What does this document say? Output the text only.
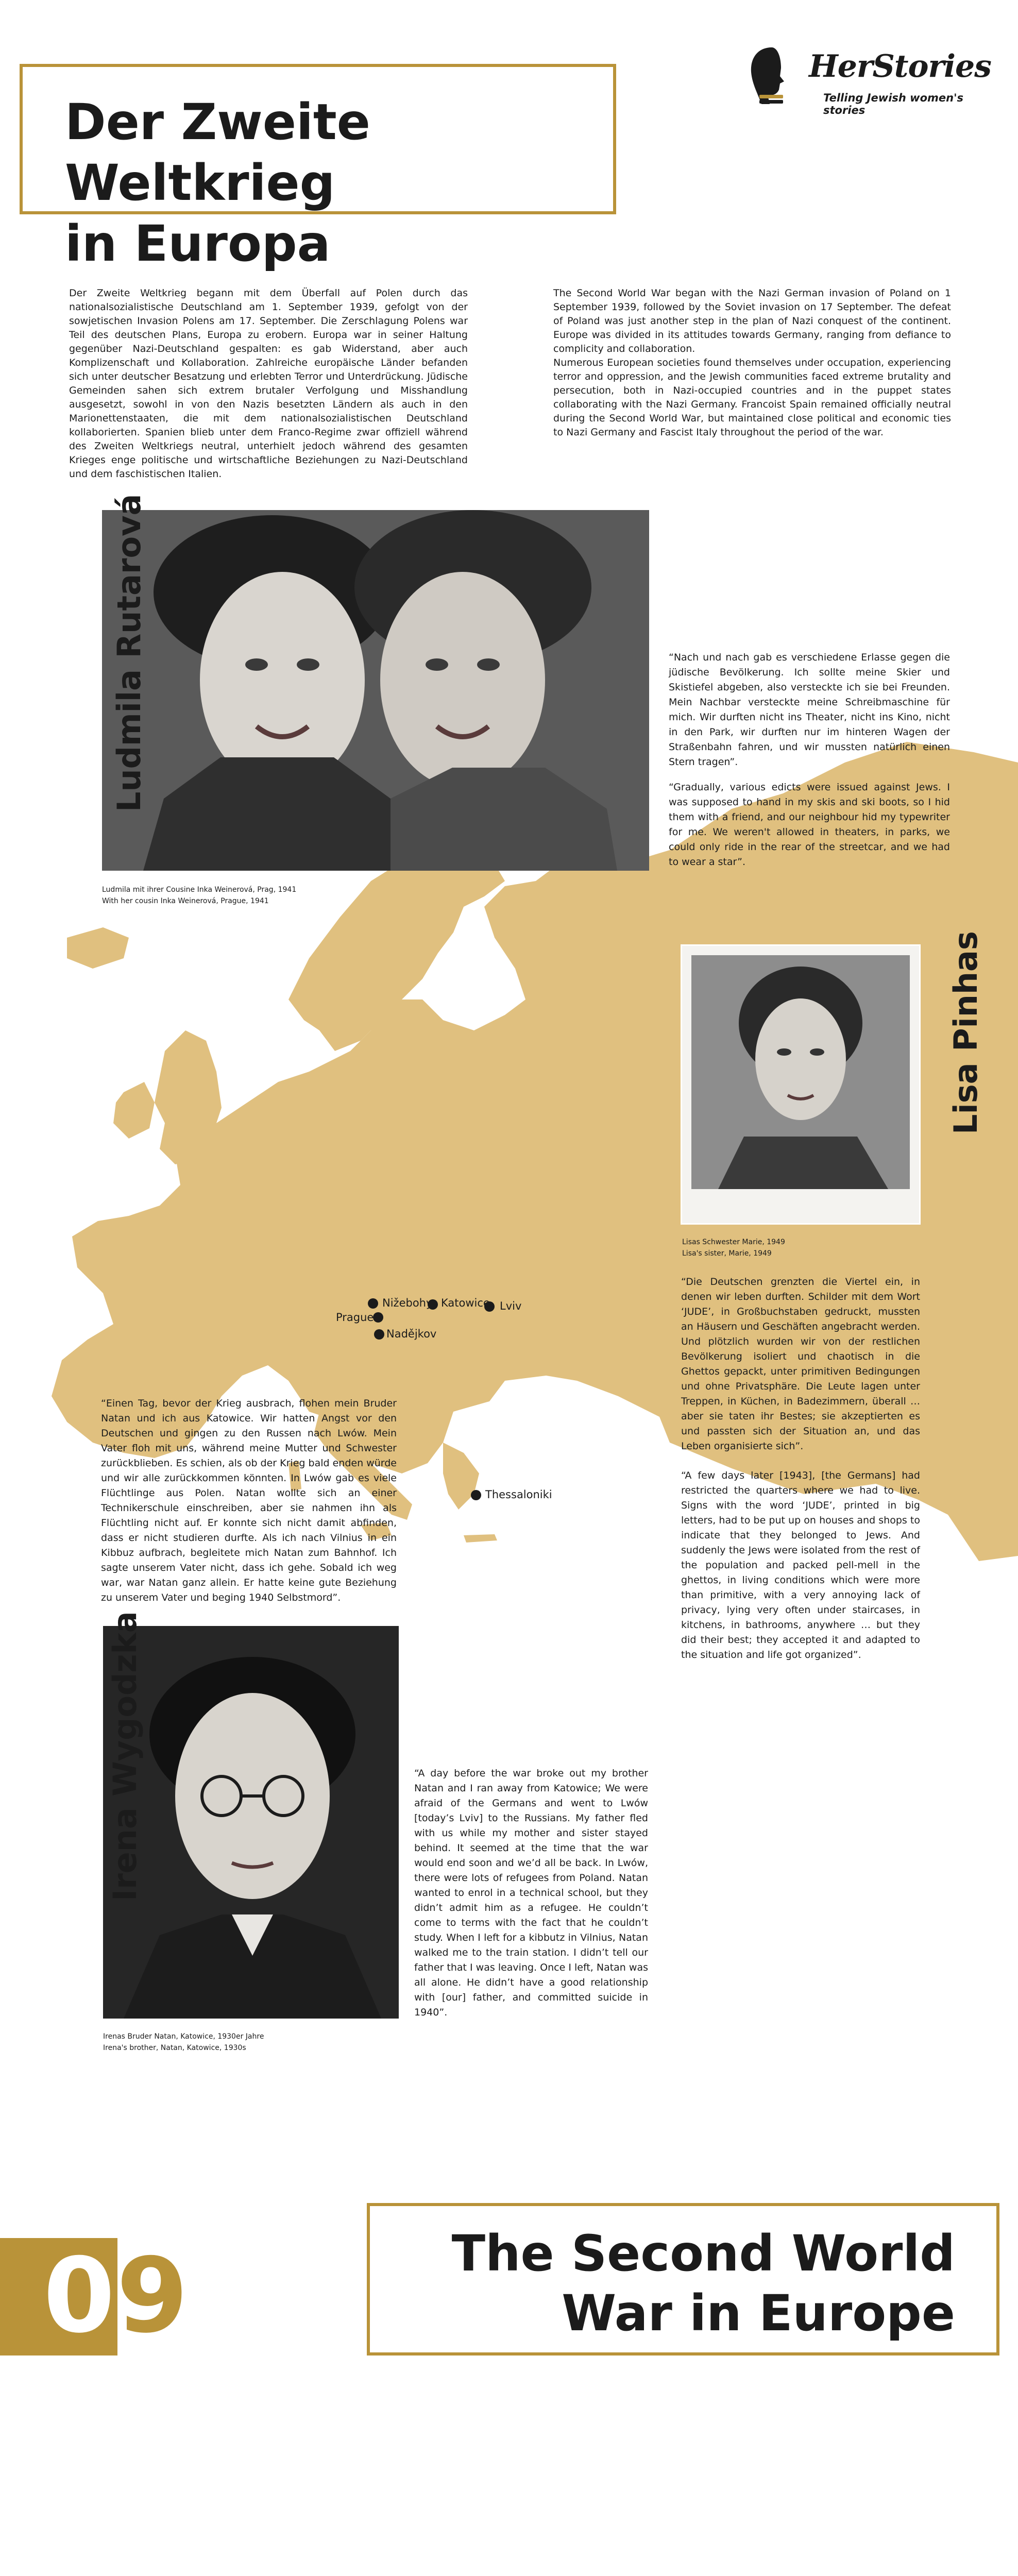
Der Zweite Weltkrieg
in Europa
HerStories
Telling Jewish women's stories
Der Zweite Weltkrieg begann mit dem Überfall auf Polen durch das nationalsozialistische Deutschland am 1. September 1939, gefolgt von der sowjetischen Invasion Polens am 17. September. Die Zerschlagung Polens war Teil des deutschen Plans, Europa zu erobern. Europa war in seiner Haltung gegenüber Nazi-Deutschland gespalten: es gab Widerstand, aber auch Komplizenschaft und Kollaboration. Zahlreiche europäische Länder befanden sich unter deutscher Besatzung und erlebten Terror und Unterdrückung. Jüdische Gemeinden sahen sich extrem brutaler Verfolgung und Misshandlung ausgesetzt, sowohl in von den Nazis besetzten Ländern als auch in den Marionettenstaaten, die mit dem nationalsozialistischen Deutschland kollaborierten. Spanien blieb unter dem Franco-Regime zwar offiziell während des Zweiten Weltkriegs neutral, unterhielt jedoch während des gesamten Krieges enge politische und wirtschaftliche Beziehungen zu Nazi-Deutschland und dem faschistischen Italien.
The Second World War began with the Nazi German invasion of Poland on 1 September 1939, followed by the Soviet invasion on 17 September. The defeat of Poland was just another step in the plan of Nazi conquest of the continent. Europe was divided in its attitudes towards Germany, ranging from defiance to complicity and collaboration.
Numerous European societies found themselves under occupation, experiencing terror and oppression, and the Jewish communities faced extreme brutality and persecution, both in Nazi-occupied countries and in the puppet states collaborating with the Nazi Germany. Francoist Spain remained officially neutral during the Second World War, but maintained close political and economic ties to Nazi Germany and Fascist Italy throughout the period of the war.
Prague
Nižebohy Katowice Lviv
Nadějkov
Thessaloniki
Ludmila Rutarová
Ludmila mit ihrer Cousine Inka Weinerová, Prag, 1941
With her cousin Inka Weinerová, Prague, 1941
“Nach und nach gab es verschiedene Erlasse gegen die jüdische Bevölkerung. Ich sollte meine Skier und Skistiefel abgeben, also versteckte ich sie bei Freunden. Mein Nachbar versteckte meine Schreibmaschine für mich. Wir durften nicht ins Theater, nicht ins Kino, nicht in den Park, wir durften nur im hinteren Wagen der Straßenbahn fahren, und wir mussten natürlich einen Stern tragen”.
“Gradually, various edicts were issued against Jews. I was supposed to hand in my skis and ski boots, so I hid them with a friend, and our neighbour hid my typewriter for me. We weren't allowed in theaters, in parks, we could only ride in the rear of the streetcar, and we had to wear a star”.
Lisa Pinhas
Lisas Schwester Marie, 1949
Lisa's sister, Marie, 1949
“Die Deutschen grenzten die Viertel ein, in denen wir leben durften. Schilder mit dem Wort ‘JUDE’, in Großbuchstaben gedruckt, mussten an Häusern und Geschäften angebracht werden. Und plötzlich wurden wir von der restlichen Bevölkerung isoliert und chaotisch in die Ghettos gepackt, unter primitiven Bedingungen und ohne Privatsphäre. Die Leute lagen unter Treppen, in Küchen, in Badezimmern, überall … aber sie taten ihr Bestes; sie akzeptierten es und passten sich der Situation an, und das Leben organisierte sich”.
“A few days later [1943], [the Germans] had restricted the quarters where we had to live. Signs with the word ‘JUDE’, printed in big letters, had to be put up on houses and shops to indicate that they belonged to Jews. And suddenly the Jews were isolated from the rest of the population and packed pell-mell in the ghettos, in living conditions which were more than primitive, with a very annoying lack of privacy, lying very often under staircases, in kitchens, in bathrooms, anywhere … but they did their best; they accepted it and adapted to the situation and life got organized”.
“Einen Tag, bevor der Krieg ausbrach, flohen mein Bruder Natan und ich aus Katowice. Wir hatten Angst vor den Deutschen und gingen zu den Russen nach Lwów. Mein Vater floh mit uns, während meine Mutter und Schwester zurückblieben. Es schien, als ob der Krieg bald enden würde und wir alle zurückkommen könnten. In Lwów gab es viele Flüchtlinge aus Polen. Natan wollte sich an einer Technikerschule einschreiben, aber sie nahmen ihn als Flüchtling nicht auf. Er konnte sich nicht damit abfinden, dass er nicht studieren durfte. Als ich nach Vilnius in ein Kibbuz aufbrach, begleitete mich Natan zum Bahnhof. Ich sagte unserem Vater nicht, dass ich gehe. Sobald ich weg war, war Natan ganz allein. Er hatte keine gute Beziehung zu unserem Vater und beging 1940 Selbstmord”.
Irena Wygodzka
Irenas Bruder Natan, Katowice, 1930er Jahre
Irena's brother, Natan, Katowice, 1930s
“A day before the war broke out my brother Natan and I ran away from Katowice; We were afraid of the Germans and went to Lwów [today’s Lviv] to the Russians. My father fled with us while my mother and sister stayed behind. It seemed at the time that the war would end soon and we’d all be back. In Lwów, there were lots of refugees from Poland. Natan wanted to enrol in a technical school, but they didn’t admit him as a refugee. He couldn’t come to terms with the fact that he couldn’t study. When I left for a kibbutz in Vilnius, Natan walked me to the train station. I didn’t tell our father that I was leaving. Once I left, Natan was all alone. He didn’t have a good relationship with [our] father, and committed suicide in 1940”.
0 9	The Second World
War in Europe
